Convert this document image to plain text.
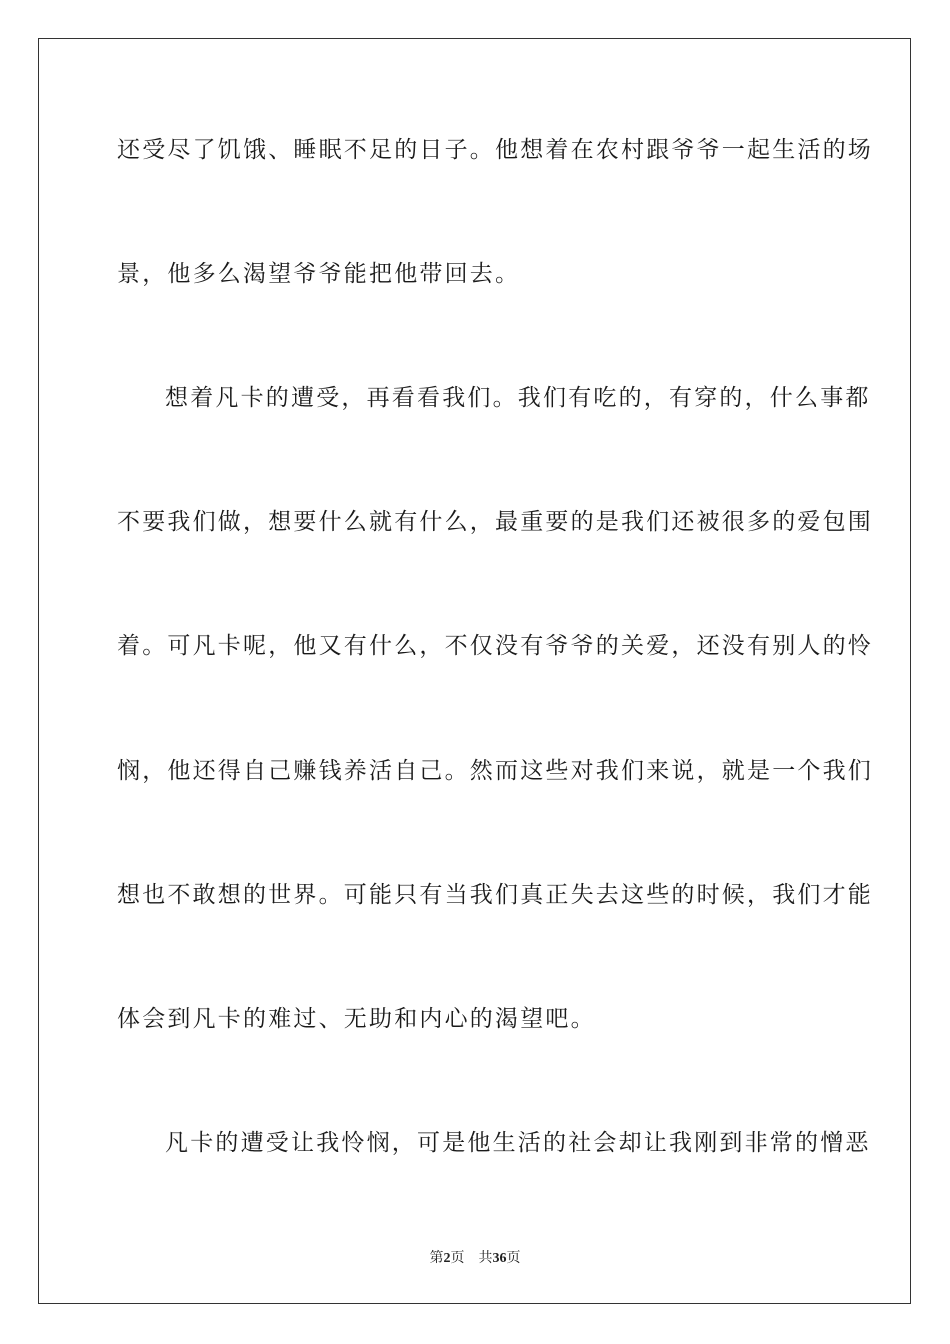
还受尽了饥饿、睡眠不足的日子。他想着在农村跟爷爷一起生活的场
景，他多么渴望爷爷能把他带回去。
想着凡卡的遭受，再看看我们。我们有吃的，有穿的，什么事都
不要我们做，想要什么就有什么，最重要的是我们还被很多的爱包围
着。可凡卡呢，他又有什么，不仅没有爷爷的关爱，还没有别人的怜
悯，他还得自己赚钱养活自己。然而这些对我们来说，就是一个我们
想也不敢想的世界。可能只有当我们真正失去这些的时候，我们才能
体会到凡卡的难过、无助和内心的渴望吧。
凡卡的遭受让我怜悯，可是他生活的社会却让我刚到非常的憎恶
第2页 共36页
